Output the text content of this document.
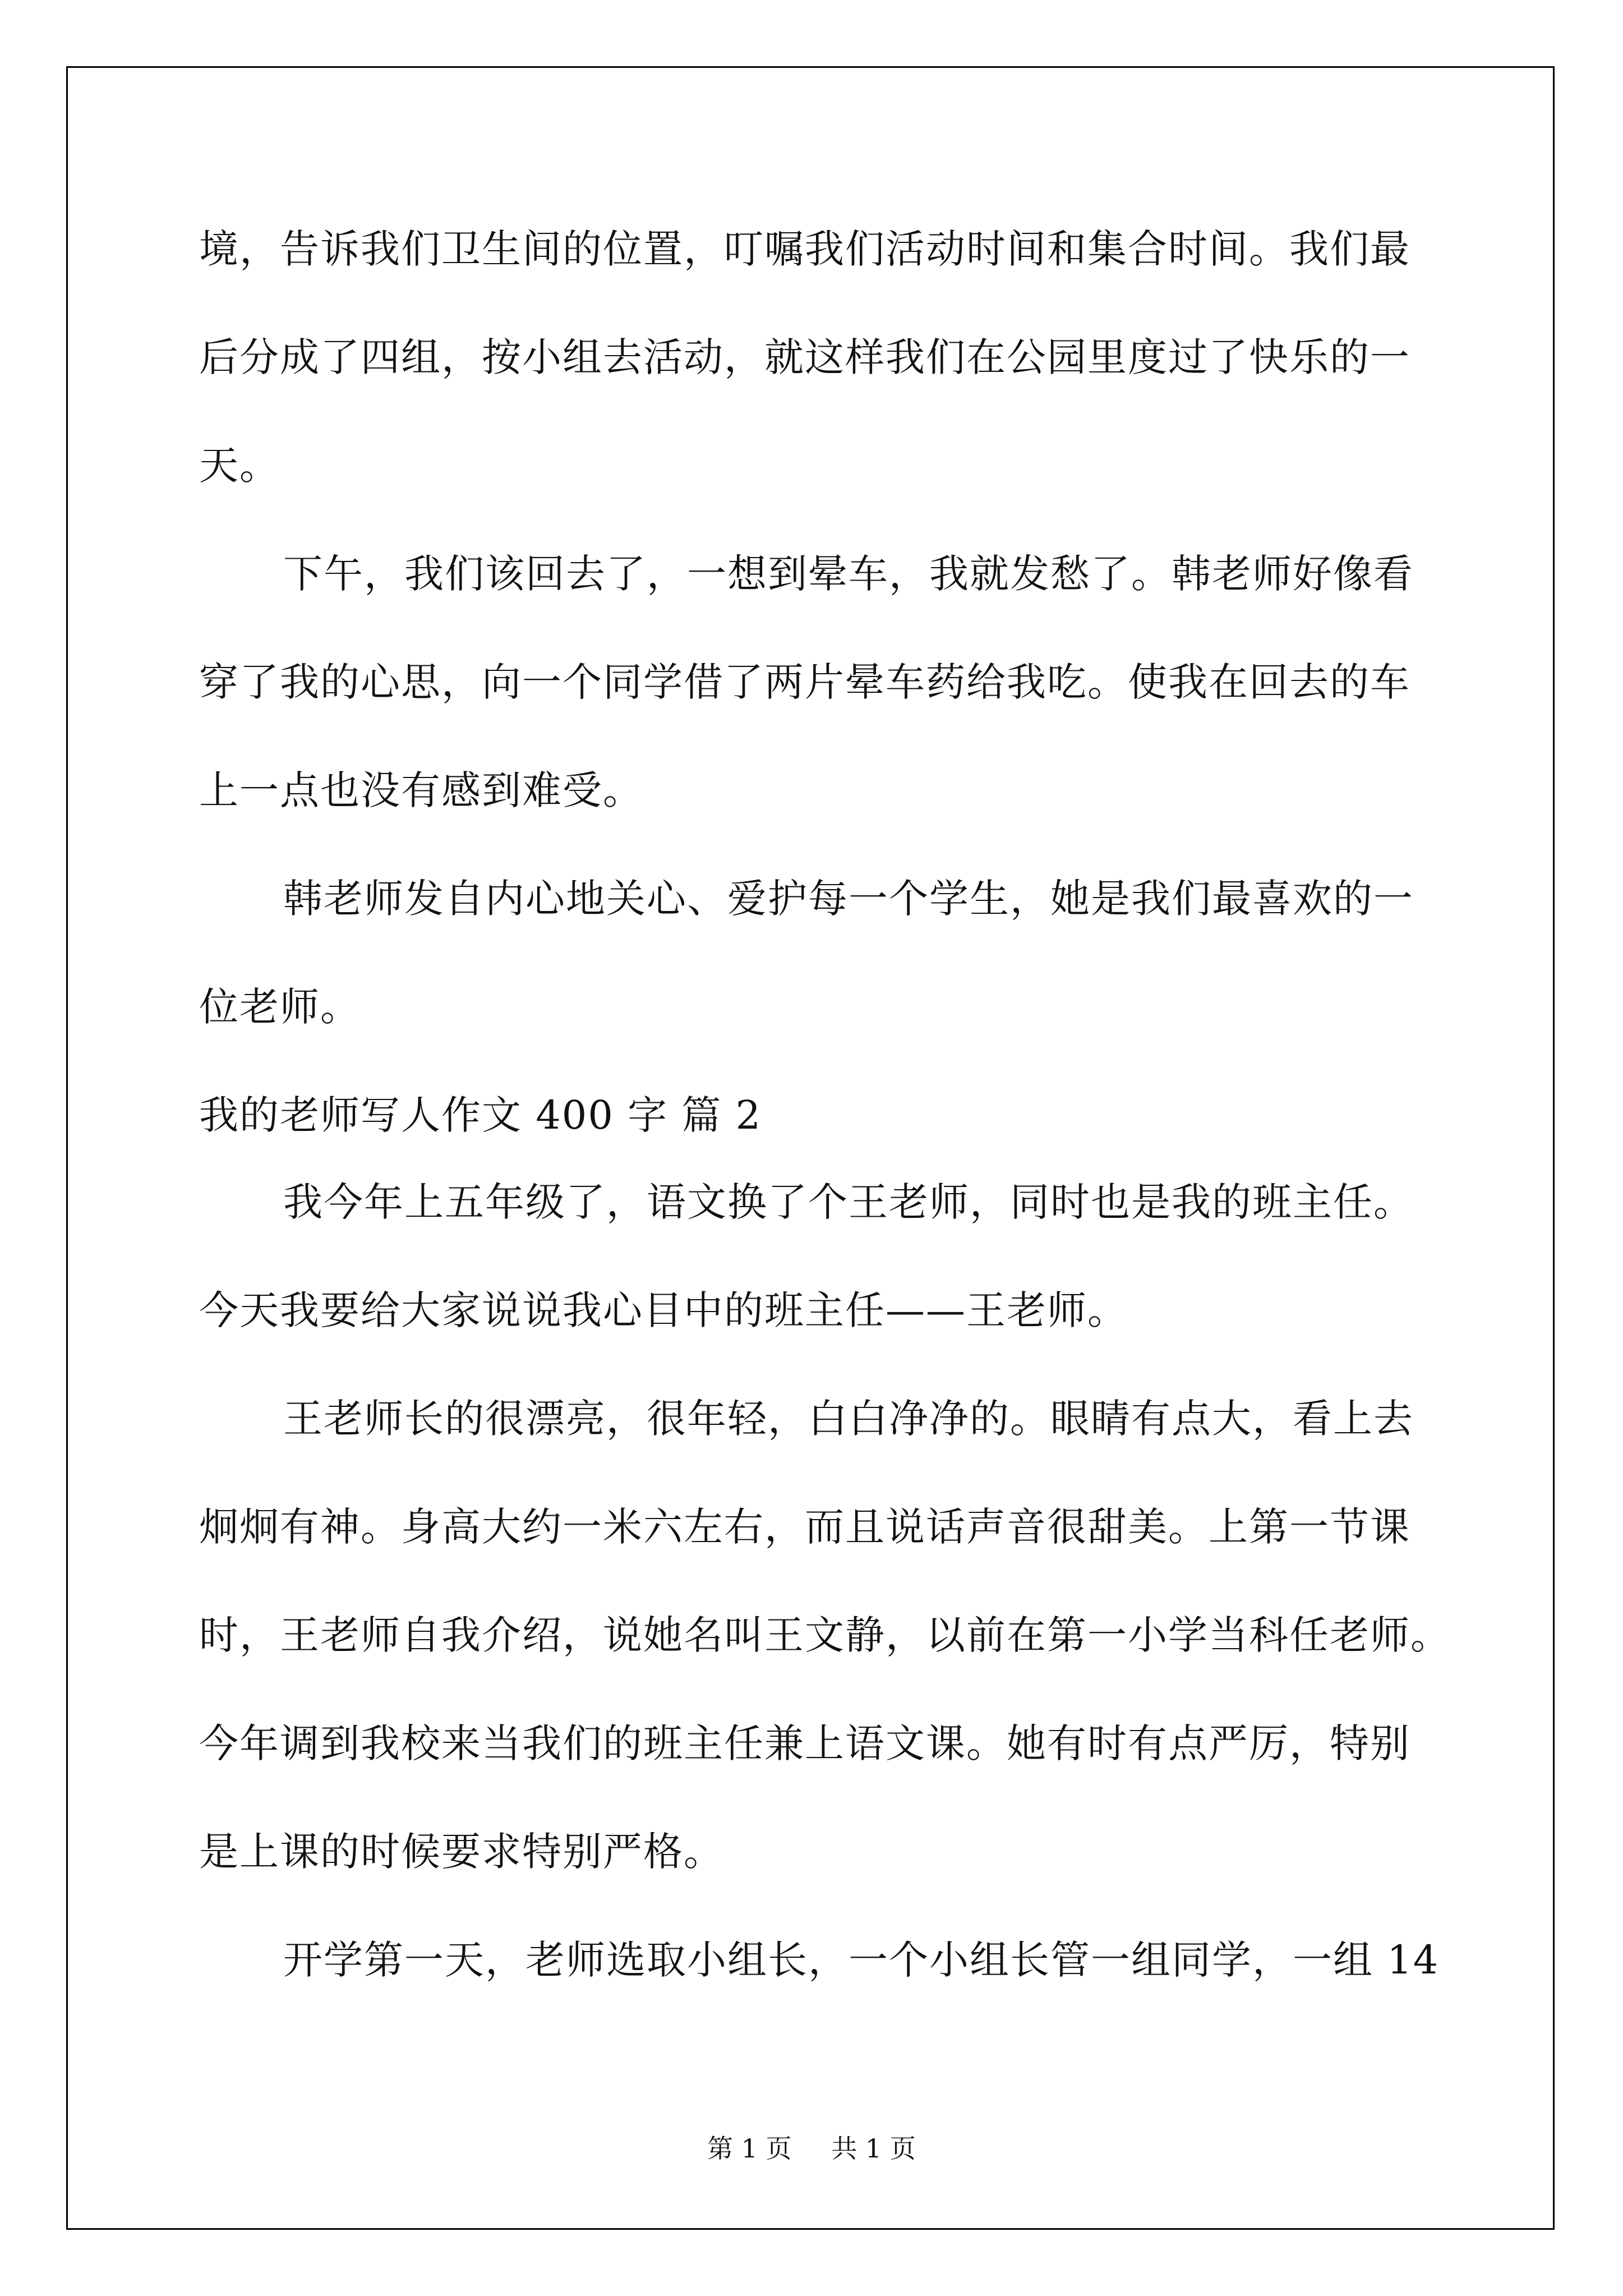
境，告诉我们卫生间的位置，叮嘱我们活动时间和集合时间。我们最
后分成了四组，按小组去活动，就这样我们在公园里度过了快乐的一
天。
下午，我们该回去了，一想到晕车，我就发愁了。韩老师好像看
穿了我的心思，向一个同学借了两片晕车药给我吃。使我在回去的车
上一点也没有感到难受。
韩老师发自内心地关心、爱护每一个学生，她是我们最喜欢的一
位老师。
我的老师写人作文 400 字 篇 2
我今年上五年级了，语文换了个王老师，同时也是我的班主任。
今天我要给大家说说我心目中的班主任——王老师。
王老师长的很漂亮，很年轻，白白净净的。眼睛有点大，看上去
炯炯有神。身高大约一米六左右，而且说话声音很甜美。上第一节课
时，王老师自我介绍，说她名叫王文静，以前在第一小学当科任老师。
今年调到我校来当我们的班主任兼上语文课。她有时有点严厉，特别
是上课的时候要求特别严格。
开学第一天，老师选取小组长，一个小组长管一组同学，一组 14
第 1 页 共 1 页
